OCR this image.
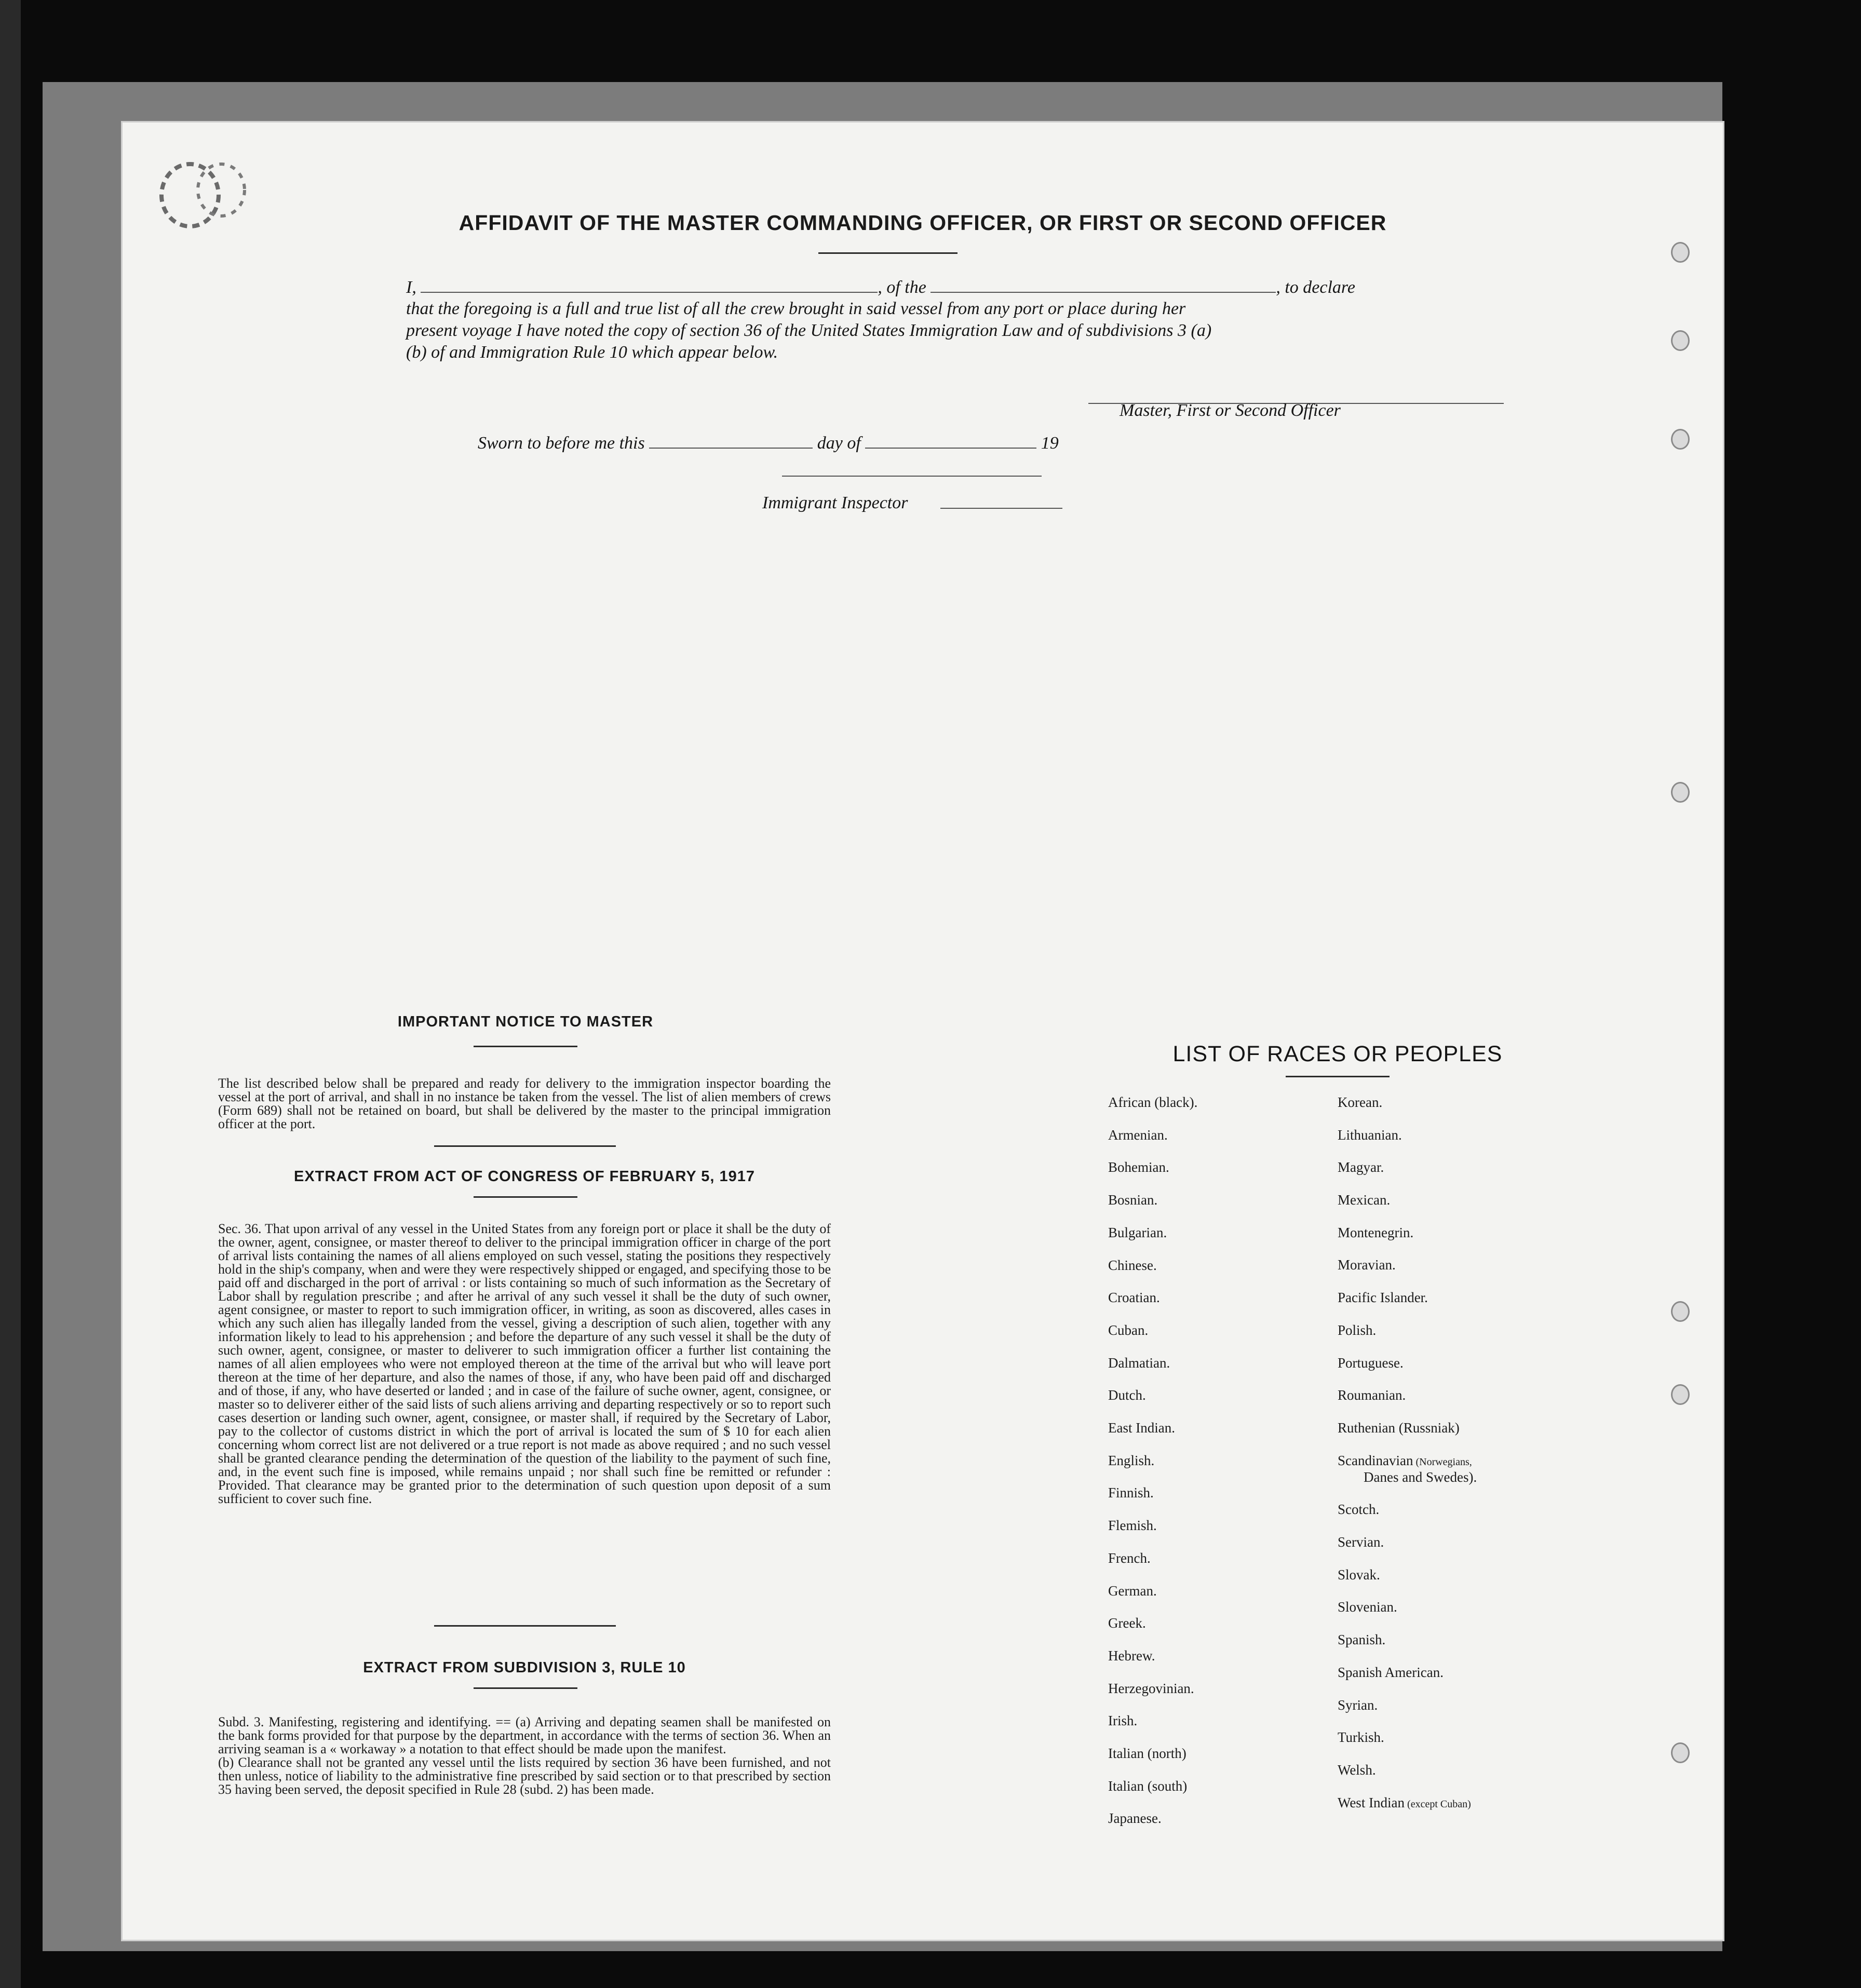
AFFIDAVIT OF THE MASTER COMMANDING OFFICER, OR FIRST OR SECOND OFFICER
I,	, of the	, to declare
that the foregoing is a full and true list of all the crew brought in said vessel from any port or place during her
present voyage I have noted the copy of section 36 of the United States Immigration Law and of subdivisions 3 (a)
(b) of and Immigration Rule 10 which appear below.
Master, First or Second Officer
Sworn to before me this	day of	19
Immigrant Inspector
IMPORTANT NOTICE TO MASTER
The list described below shall be prepared and ready for delivery to the immigration inspector boarding the vessel at the port of arrival, and shall in no instance be taken from the vessel. The list of alien members of crews (Form 689) shall not be retained on board, but shall be delivered by the master to the principal immigration officer at the port.
EXTRACT FROM ACT OF CONGRESS OF FEBRUARY 5, 1917
Sec. 36. That upon arrival of any vessel in the United States from any foreign port or place it shall be the duty of the owner, agent, consignee, or master thereof to deliver to the principal immigration officer in charge of the port of arrival lists containing the names of all aliens employed on such vessel, stating the positions they respectively hold in the ship's company, when and were they were respectively shipped or engaged, and specifying those to be paid off and discharged in the port of arrival : or lists containing so much of such information as the Secretary of Labor shall by regulation prescribe ; and after he arrival of any such vessel it shall be the duty of such owner, agent consignee, or master to report to such immigration officer, in writing, as soon as discovered, alles cases in which any such alien has illegally landed from the vessel, giving a description of such alien, together with any information likely to lead to his apprehension ; and before the departure of any such vessel it shall be the duty of such owner, agent, consignee, or master to deliverer to such immigration officer a further list containing the names of all alien employees who were not employed thereon at the time of the arrival but who will leave port thereon at the time of her departure, and also the names of those, if any, who have been paid off and discharged and of those, if any, who have deserted or landed ; and in case of the failure of suche owner, agent, consignee, or master so to deliverer either of the said lists of such aliens arriving and departing respectively or so to report such cases desertion or landing such owner, agent, consignee, or master shall, if required by the Secretary of Labor, pay to the collector of customs district in which the port of arrival is located the sum of $ 10 for each alien concerning whom correct list are not delivered or a true report is not made as above required ; and no such vessel shall be granted clearance pending the determination of the question of the liability to the payment of such fine, and, in the event such fine is imposed, while remains unpaid ; nor shall such fine be remitted or refunder : Provided. That clearance may be granted prior to the determination of such question upon deposit of a sum sufficient to cover such fine.
EXTRACT FROM SUBDIVISION 3, RULE 10

Subd. 3. Manifesting, registering and identifying. == (a) Arriving and depating seamen shall be manifested on the bank forms provided for that purpose by the department, in accordance with the terms of section 36. When an arriving seaman is a « workaway » a notation to that effect should be made upon the manifest.

(b) Clearance shall not be granted any vessel until the lists required by section 36 have been furnished, and not then unless, notice of liability to the administrative fine prescribed by said section or to that prescribed by section 35 having been served, the deposit specified in Rule 28 (subd. 2) has been made.

LIST OF RACES OR PEOPLES
African (black).
Armenian.
Bohemian.
Bosnian.
Bulgarian.
Chinese.
Croatian.
Cuban.
Dalmatian.
Dutch.
East Indian.
English.
Finnish.
Flemish.
French.
German.
Greek.
Hebrew.
Herzegovinian.
Irish.
Italian (north)
Italian (south)
Japanese.
Korean.
Lithuanian.
Magyar.
Mexican.
Montenegrin.
Moravian.
Pacific Islander.
Polish.
Portuguese.
Roumanian.
Ruthenian (Russniak)
Danes and Swedes).
Scandinavian (Norwegians,
Scotch.
Servian.
Slovak.
Slovenian.
Spanish.
Spanish American.
Syrian.
Turkish.
Welsh.
West Indian (except Cuban)
